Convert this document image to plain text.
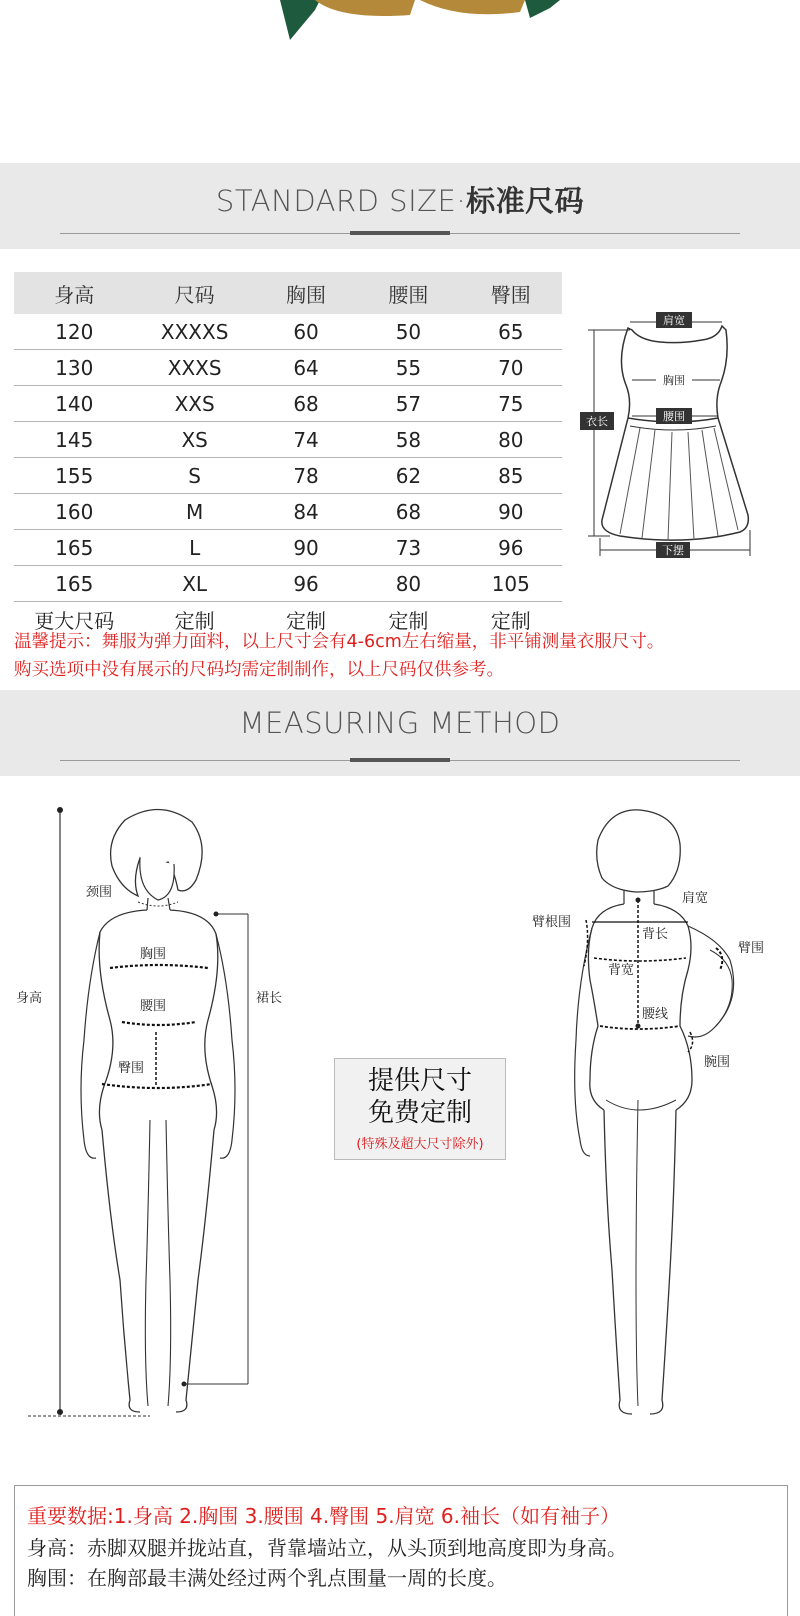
STANDARD SIZE·标准尺码
身高	尺码	胸围	腰围	臀围
120	XXXXS	60	50	65
130	XXXS	64	55	70
140	XXS	68	57	75
145	XS	74	58	80
155	S	78	62	85
160	M	84	68	90
165	L	90	73	96
165	XL	96	80	105
更大尺码	定制	定制	定制	定制
肩宽
胸围
腰围
衣长
下摆
温馨提示：舞服为弹力面料，以上尺寸会有4-6cm左右缩量，非平铺测量衣服尺寸。
购买选项中没有展示的尺码均需定制制作，以上尺码仅供参考。
MEASURING METHOD
身高
颈围
胸围
腰围
臀围
裙长
提供尺寸
免费定制
(特殊及超大尺寸除外)
肩宽
臂根围
背长
背宽
臂围
腰线
腕围
重要数据:1.身高 2.胸围 3.腰围 4.臀围 5.肩宽 6.袖长（如有袖子）
身高：赤脚双腿并拢站直，背靠墙站立，从头顶到地高度即为身高。
胸围：在胸部最丰满处经过两个乳点围量一周的长度。
